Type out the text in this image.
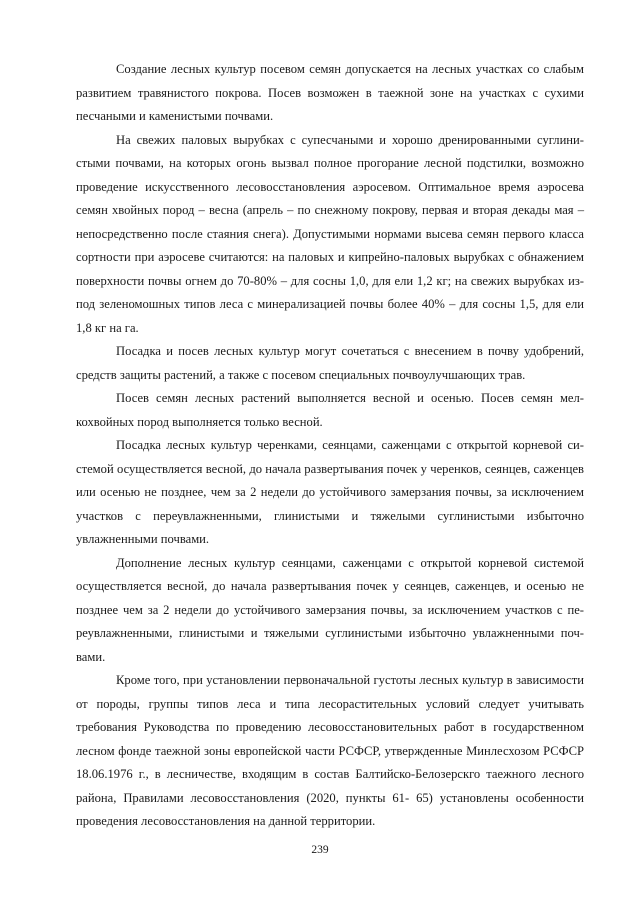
Создание лесных культур посевом семян допускается на лесных участках со слабым развитием травянистого покрова. Посев возможен в таежной зоне на участках с сухими песчаными и каменистыми почвами.

На свежих паловых вырубках с супесчаными и хорошо дренированными суглинистыми почвами, на которых огонь вызвал полное прогорание лесной подстилки, возможно проведение искусственного лесовосстановления аэросевом. Оптимальное время аэросева семян хвойных пород – весна (апрель – по снежному покрову, первая и вторая декады мая – непосредственно после стаяния снега). Допустимыми нормами высева семян первого класса сортности при аэросеве считаются: на паловых и кипрейно-паловых вырубках с обнажением поверхности почвы огнем до 70-80% – для сосны 1,0, для ели 1,2 кг; на свежих вырубках из-под зеленомошных типов леса с минерализацией почвы более 40% – для сосны 1,5, для ели 1,8 кг на га.

Посадка и посев лесных культур могут сочетаться с внесением в почву удобрений, средств защиты растений, а также с посевом специальных почвоулучшающих трав.

Посев семян лесных растений выполняется весной и осенью. Посев семян мелкохвойных пород выполняется только весной.

Посадка лесных культур черенками, сеянцами, саженцами с открытой корневой системой осуществляется весной, до начала развертывания почек у черенков, сеянцев, саженцев или осенью не позднее, чем за 2 недели до устойчивого замерзания почвы, за исключением участков с переувлажненными, глинистыми и тяжелыми суглинистыми избыточно увлажненными почвами.

Дополнение лесных культур сеянцами, саженцами с открытой корневой системой осуществляется весной, до начала развертывания почек у сеянцев, саженцев, и осенью не позднее чем за 2 недели до устойчивого замерзания почвы, за исключением участков с переувлажненными, глинистыми и тяжелыми суглинистыми избыточно увлажненными почвами.

Кроме того, при установлении первоначальной густоты лесных культур в зависимости от породы, группы типов леса и типа лесорастительных условий следует учитывать требования Руководства по проведению лесовосстановительных работ в государственном лесном фонде таежной зоны европейской части РСФСР, утвержденные Минлесхозом РСФСР 18.06.1976 г., в лесничестве, входящим в состав Балтийско-Белозерскго таежного лесного района, Правилами лесовосстановления (2020, пункты 61- 65) установлены особенности проведения лесовосстановления на данной территории.

239
